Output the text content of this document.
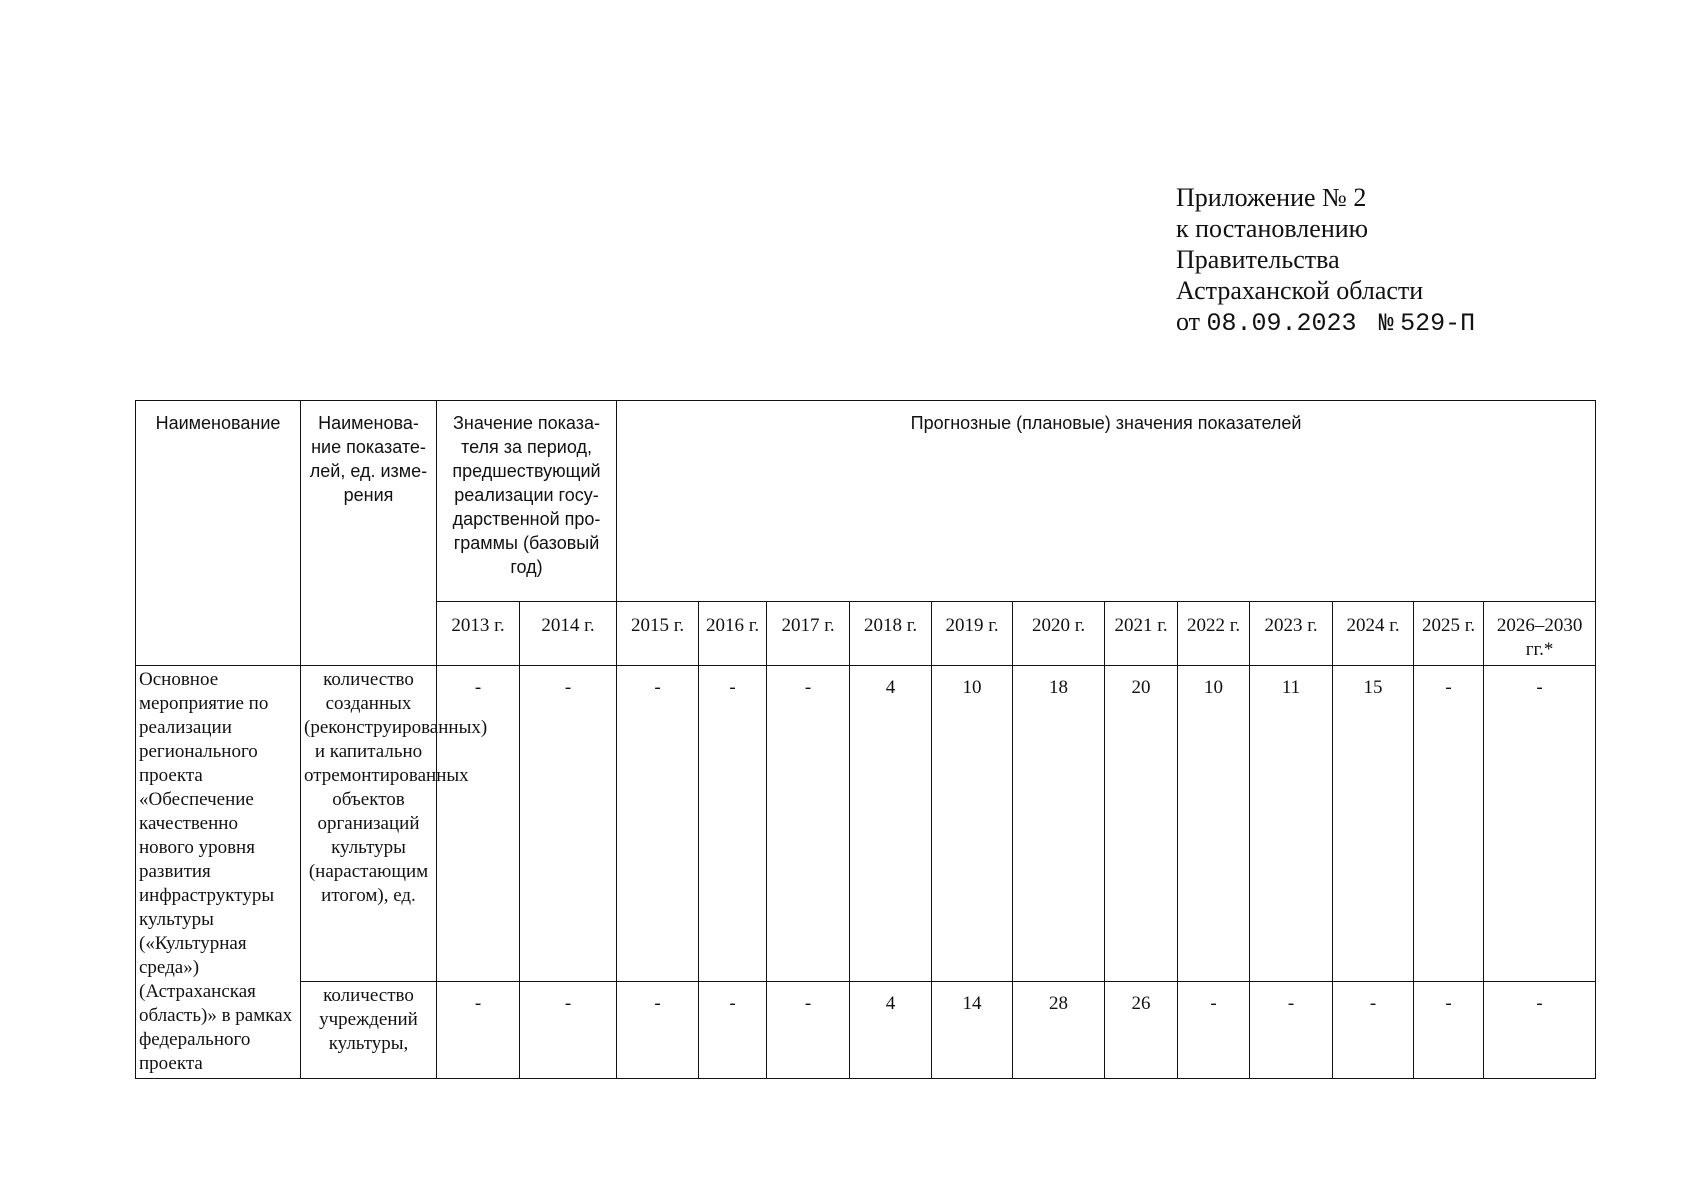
Приложение № 2
к постановлению
Правительства
Астраханской области
от 08.09.2023 № 529-П
Наименование	Наименова-ние показате-лей, ед. изме-рения	Значение показа-теля за период, предшествующий реализации госу-дарственной про-граммы (базовый год)		Прогнозные (плановые) значения показателей											
		2013 г.	2014 г.	2015 г.	2016 г.	2017 г.	2018 г.	2019 г.	2020 г.	2021 г.	2022 г.	2023 г.	2024 г.	2025 г.	2026–2030 гг.*
Основное мероприятие по реализации регионального проекта «Обеспечение качественно нового уровня развития инфраструктуры культуры («Культурная среда») (Астраханская область)» в рамках федерального проекта	количество созданных (реконструированных) и капитально отремонтированных объектов организаций культуры (нарастающим итогом), ед.	-	-	-	-	-	4	10	18	20	10	11	15	-	-
	количество учреждений культуры,	-	-	-	-	-	4	14	28	26	-	-	-	-	-
